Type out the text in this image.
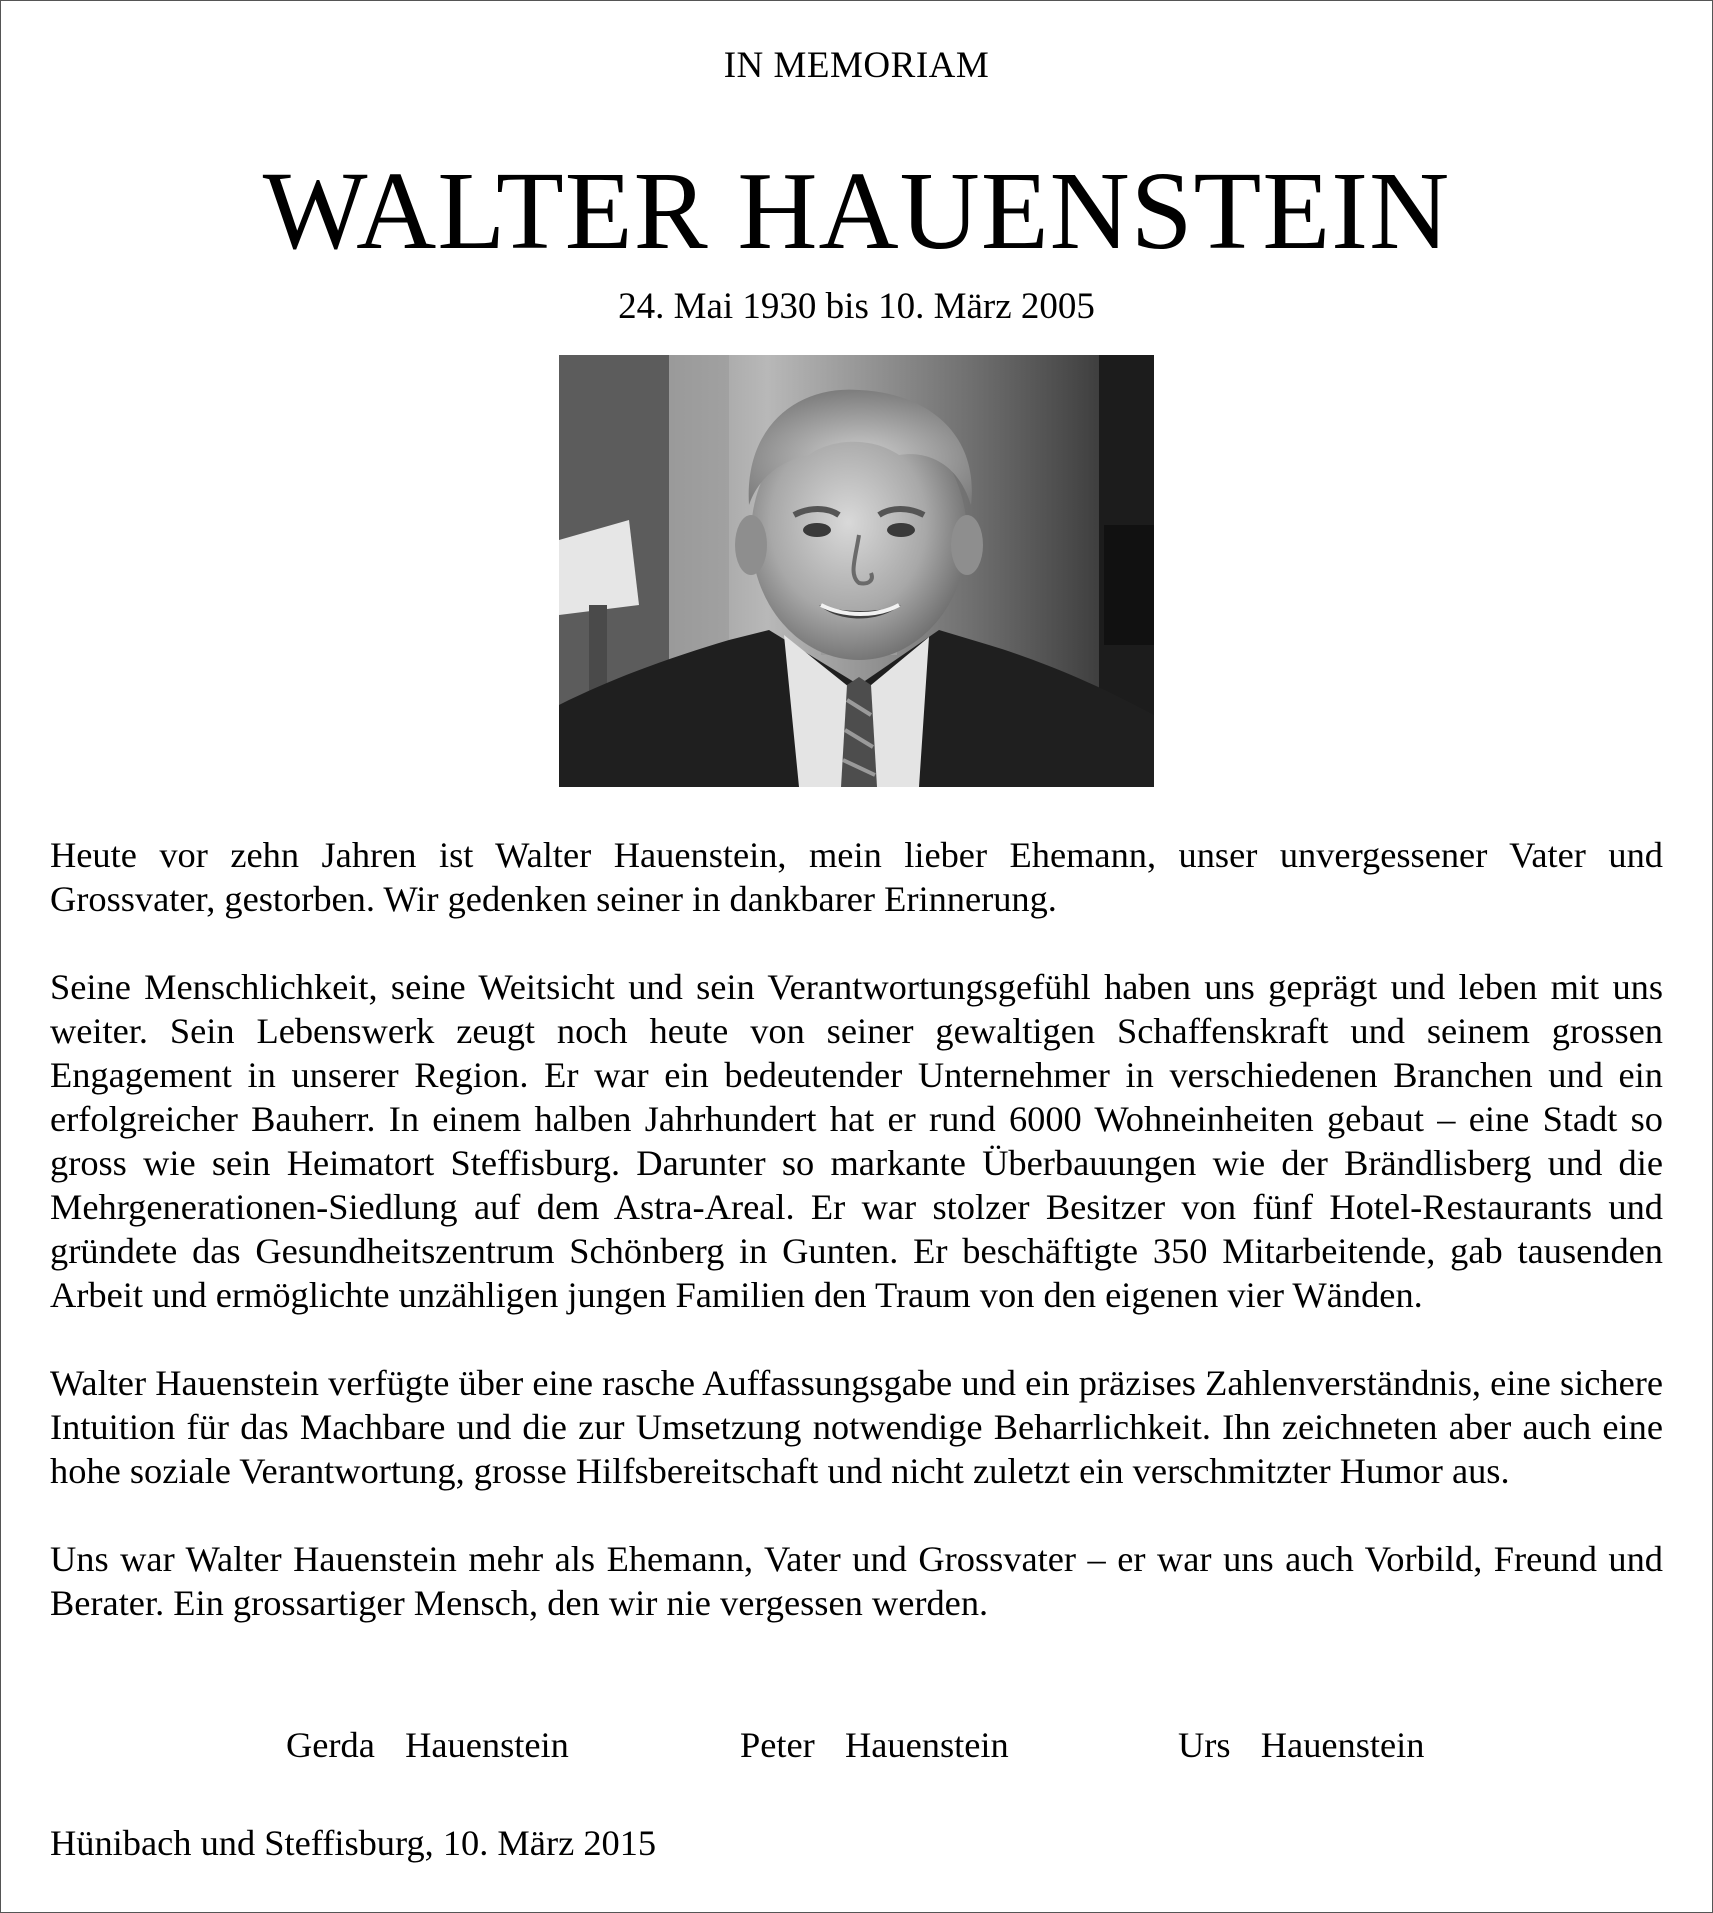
IN MEMORIAM
WALTER HAUENSTEIN
24. Mai 1930 bis 10. März 2005

Heute vor zehn Jahren ist Walter Hauenstein, mein lieber Ehemann, unser unvergessener Vater und Grossvater, gestorben. Wir gedenken seiner in dankbarer Erinnerung.

Seine Menschlichkeit, seine Weitsicht und sein Verantwortungsgefühl haben uns geprägt und leben mit uns weiter. Sein Lebenswerk zeugt noch heute von seiner gewaltigen Schaffenskraft und seinem grossen Engagement in unserer Region. Er war ein bedeutender Unternehmer in verschiedenen Branchen und ein erfolgreicher Bauherr. In einem halben Jahrhundert hat er rund 6000 Wohneinheiten gebaut – eine Stadt so gross wie sein Heimatort Steffisburg. Darunter so markante Überbauungen wie der Brändlisberg und die Mehrgenerationen-Siedlung auf dem Astra-Areal. Er war stolzer Besitzer von fünf Hotel-Restaurants und gründete das Gesundheitszentrum Schönberg in Gunten. Er beschäftigte 350 Mitarbeitende, gab tausenden Arbeit und ermöglichte unzähligen jungen Familien den Traum von den eigenen vier Wänden.

Walter Hauenstein verfügte über eine rasche Auffassungsgabe und ein präzises Zahlenverständnis, eine sichere Intuition für das Machbare und die zur Umsetzung notwendige Beharrlichkeit. Ihn zeichneten aber auch eine hohe soziale Verantwortung, grosse Hilfsbereitschaft und nicht zuletzt ein verschmitzter Humor aus.

Uns war Walter Hauenstein mehr als Ehemann, Vater und Grossvater – er war uns auch Vorbild, Freund und Berater. Ein grossartiger Mensch, den wir nie vergessen werden.

Gerda  Hauenstein	Peter  Hauenstein	Urs  Hauenstein
Hünibach und Steffisburg, 10. März 2015
